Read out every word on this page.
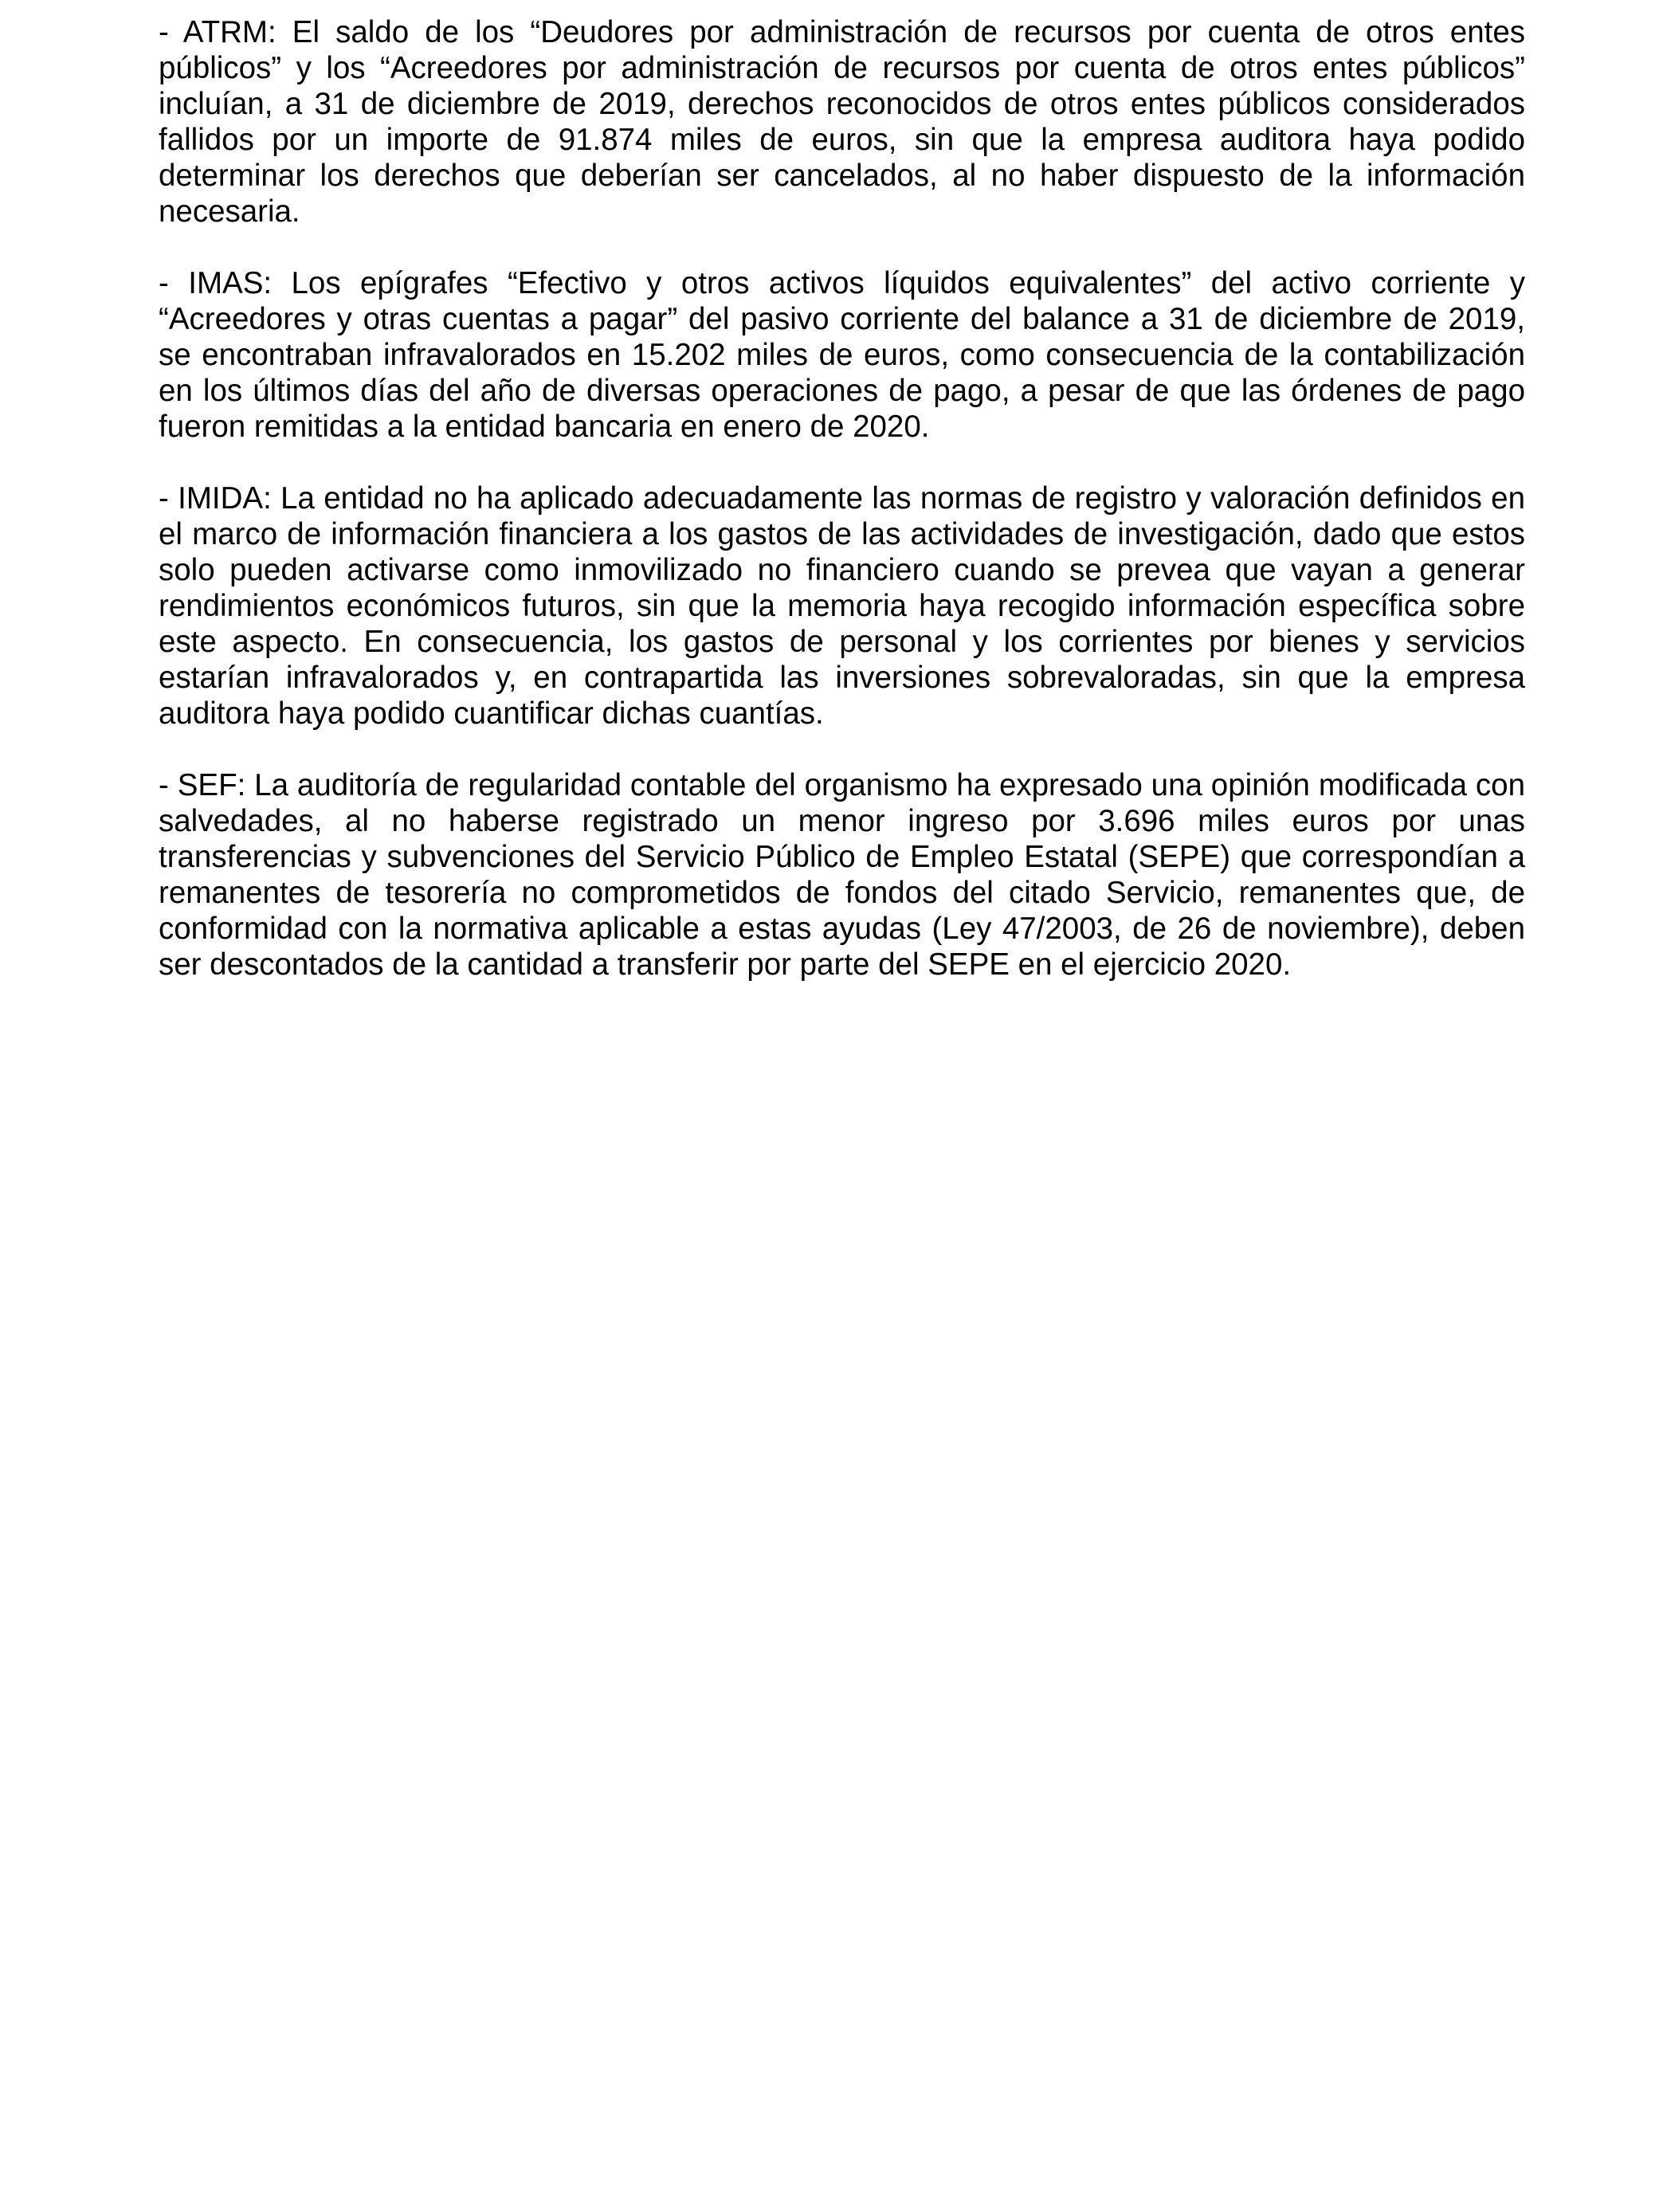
- ATRM: El saldo de los “Deudores por administración de recursos por cuenta de otros entes públicos” y los “Acreedores por administración de recursos por cuenta de otros entes públicos” incluían, a 31 de diciembre de 2019, derechos reconocidos de otros entes públicos considerados fallidos por un importe de 91.874 miles de euros, sin que la empresa auditora haya podido determinar los derechos que deberían ser cancelados, al no haber dispuesto de la información necesaria.

- IMAS: Los epígrafes “Efectivo y otros activos líquidos equivalentes” del activo corriente y “Acreedores y otras cuentas a pagar” del pasivo corriente del balance a 31 de diciembre de 2019, se encontraban infravalorados en 15.202 miles de euros, como consecuencia de la contabilización en los últimos días del año de diversas operaciones de pago, a pesar de que las órdenes de pago fueron remitidas a la entidad bancaria en enero de 2020.

- IMIDA: La entidad no ha aplicado adecuadamente las normas de registro y valoración definidos en el marco de información financiera a los gastos de las actividades de investigación, dado que estos solo pueden activarse como inmovilizado no financiero cuando se prevea que vayan a generar rendimientos económicos futuros, sin que la memoria haya recogido información específica sobre este aspecto. En consecuencia, los gastos de personal y los corrientes por bienes y servicios estarían infravalorados y, en contrapartida las inversiones sobrevaloradas, sin que la empresa auditora haya podido cuantificar dichas cuantías.

- SEF: La auditoría de regularidad contable del organismo ha expresado una opinión modificada con salvedades, al no haberse registrado un menor ingreso por 3.696 miles euros por unas transferencias y subvenciones del Servicio Público de Empleo Estatal (SEPE) que correspondían a remanentes de tesorería no comprometidos de fondos del citado Servicio, remanentes que, de conformidad con la normativa aplicable a estas ayudas (Ley 47/2003, de 26 de noviembre), deben ser descontados de la cantidad a transferir por parte del SEPE en el ejercicio 2020.
